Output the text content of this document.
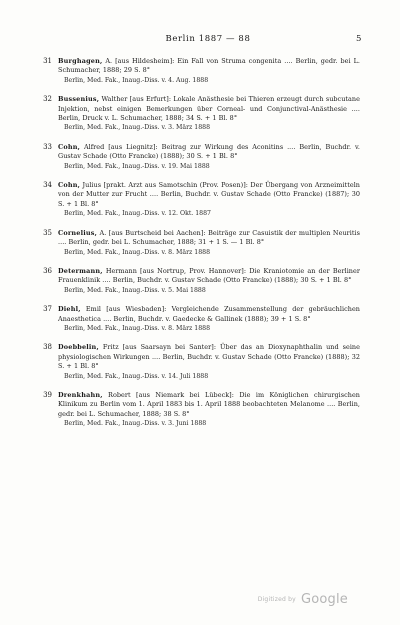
Berlin 1887 — 88	5
31 Burghagen, A. [aus Hildesheim]: Ein Fall von Struma congenita .... Berlin, gedr. bei L. Schumacher, 1888; 29 S. 8°
Berlin, Med. Fak., Inaug.-Diss. v. 4. Aug. 1888
32 Bussenius, Walther [aus Erfurt]: Lokale Anästhesie bei Thieren erzeugt durch subcutane Injektion, nebst einigen Bemerkungen über Corneal- und Conjunctival-Anästhesie .... Berlin, Druck v. L. Schumacher, 1888; 34 S. + 1 Bl. 8°
Berlin, Med. Fak., Inaug.-Diss. v. 3. März 1888
33 Cohn, Alfred [aus Liegnitz]: Beitrag zur Wirkung des Aconitins .... Berlin, Buchdr. v. Gustav Schade (Otto Francke) (1888); 30 S. + 1 Bl. 8°
Berlin, Med. Fak., Inaug.-Diss. v. 19. Mai 1888
34 Cohn, Julius [prakt. Arzt aus Samotschin (Prov. Posen)]: Der Übergang von Arzneimitteln von der Mutter zur Frucht .... Berlin, Buchdr. v. Gustav Schade (Otto Francke) (1887); 30 S. + 1 Bl. 8°
Berlin, Med. Fak., Inaug.-Diss. v. 12. Okt. 1887
35 Cornelius, A. [aus Burtscheid bei Aachen]: Beiträge zur Casuistik der multiplen Neuritis .... Berlin, gedr. bei L. Schumacher, 1888; 31 + 1 S. — 1 Bl. 8°
Berlin, Med. Fak., Inaug.-Diss. v. 8. März 1888
36 Determann, Hermann [aus Nortrup, Prov. Hannover]: Die Kraniotomie an der Berliner Frauenklinik .... Berlin, Buchdr. v. Gustav Schade (Otto Francke) (1888); 30 S. + 1 Bl. 8°
Berlin, Med. Fak., Inaug.-Diss. v. 5. Mai 1888
37 Diehl, Emil [aus Wiesbaden]: Vergleichende Zusammenstellung der gebräuchlichen Anaesthetica .... Berlin, Buchdr. v. Gaedecke & Gallinek (1888); 39 + 1 S. 8°
Berlin, Med. Fak., Inaug.-Diss. v. 8. März 1888
38 Doebbelin, Fritz [aus Saarsayn bei Santer]: Über das an Dioxynaphthalin und seine physiologischen Wirkungen .... Berlin, Buchdr. v. Gustav Schade (Otto Francke) (1888); 32 S. + 1 Bl. 8°
Berlin, Med. Fak., Inaug.-Diss. v. 14. Juli 1888
39 Drenkhahn, Robert [aus Niemark bei Lübeck]: Die im Königlichen chirurgischen Klinikum zu Berlin vom 1. April 1883 bis 1. April 1888 beobachteten Melanome .... Berlin, gedr. bei L. Schumacher, 1888; 38 S. 8°
Berlin, Med. Fak., Inaug.-Diss. v. 3. Juni 1888
Digitized by Google
